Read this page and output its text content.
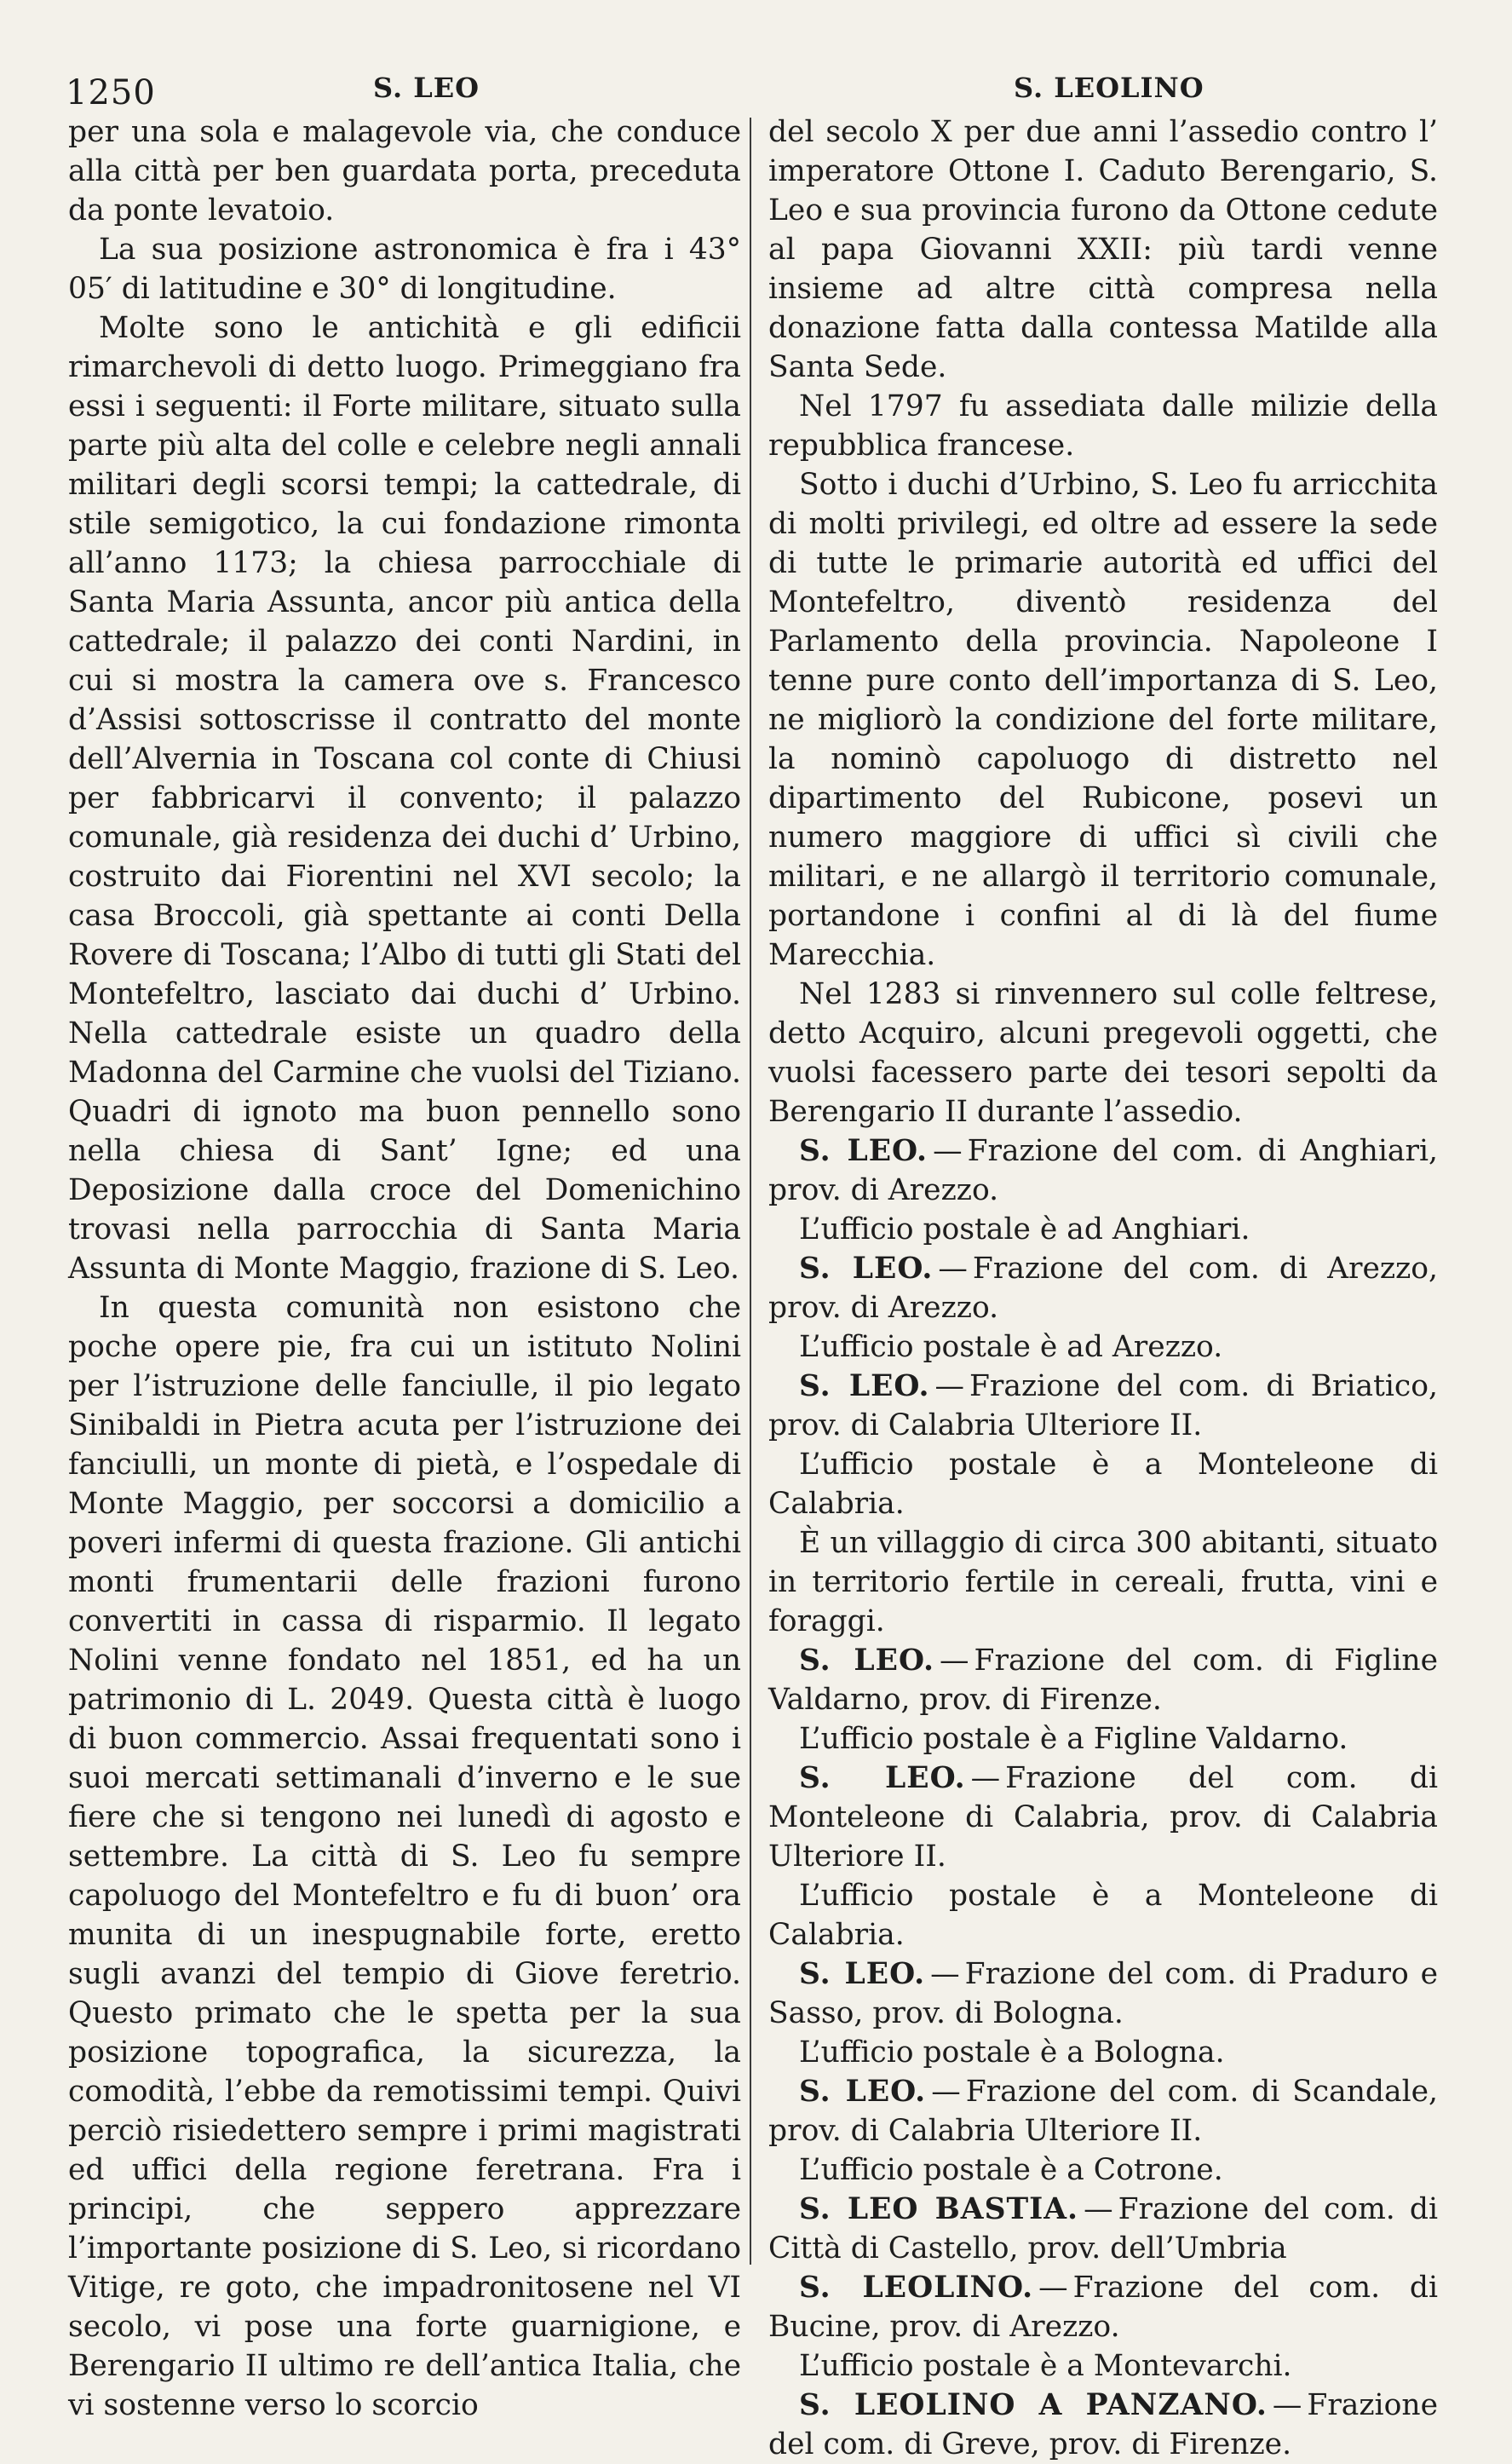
1250	S. LEO	S. LEOLINO

per una sola e malagevole via, che conduce alla città per ben guardata porta, preceduta da ponte levatoio.

La sua posizione astronomica è fra i 43° 05′ di latitudine e 30° di longitudine.

Molte sono le antichità e gli edificii rimarchevoli di detto luogo. Primeggiano fra essi i seguenti: il Forte militare, situato sulla parte più alta del colle e celebre negli annali militari degli scorsi tempi; la cattedrale, di stile semigotico, la cui fondazione rimonta all’anno 1173; la chiesa parrocchiale di Santa Maria Assunta, ancor più antica della cattedrale; il palazzo dei conti Nardini, in cui si mostra la camera ove s. Francesco d’Assisi sottoscrisse il contratto del monte dell’Alvernia in Toscana col conte di Chiusi per fabbricarvi il convento; il palazzo comunale, già residenza dei duchi d’ Urbino, costruito dai Fiorentini nel XVI secolo; la casa Broccoli, già spettante ai conti Della Rovere di Toscana; l’Albo di tutti gli Stati del Montefeltro, lasciato dai duchi d’ Urbino. Nella cattedrale esiste un quadro della Madonna del Carmine che vuolsi del Tiziano. Quadri di ignoto ma buon pennello sono nella chiesa di Sant’ Igne; ed una Deposizione dalla croce del Domenichino trovasi nella parrocchia di Santa Maria Assunta di Monte Maggio, frazione di S. Leo.

In questa comunità non esistono che poche opere pie, fra cui un istituto Nolini per l’istruzione delle fanciulle, il pio legato Sinibaldi in Pietra acuta per l’istruzione dei fanciulli, un monte di pietà, e l’ospedale di Monte Maggio, per soccorsi a domicilio a poveri infermi di questa frazione. Gli antichi monti frumentarii delle frazioni furono convertiti in cassa di risparmio. Il legato Nolini venne fondato nel 1851, ed ha un patrimonio di L. 2049. Questa città è luogo di buon commercio. Assai frequentati sono i suoi mercati settimanali d’inverno e le sue fiere che si tengono nei lunedì di agosto e settembre. La città di S. Leo fu sempre capoluogo del Montefeltro e fu di buon’ ora munita di un inespugnabile forte, eretto sugli avanzi del tempio di Giove feretrio. Questo primato che le spetta per la sua posizione topografica, la sicurezza, la comodità, l’ebbe da remotissimi tempi. Quivi perciò risiedettero sempre i primi magistrati ed uffici della regione feretrana. Fra i principi, che seppero apprezzare l’importante posizione di S. Leo, si ricordano Vitige, re goto, che impadronitosene nel VI secolo, vi pose una forte guarnigione, e Berengario II ultimo re dell’antica Italia, che vi sostenne verso lo scorcio

del secolo X per due anni l’assedio contro l’ imperatore Ottone I. Caduto Berengario, S. Leo e sua provincia furono da Ottone cedute al papa Giovanni XXII: più tardi venne insieme ad altre città compresa nella donazione fatta dalla contessa Matilde alla Santa Sede.

Nel 1797 fu assediata dalle milizie della repubblica francese.

Sotto i duchi d’Urbino, S. Leo fu arricchita di molti privilegi, ed oltre ad essere la sede di tutte le primarie autorità ed uffici del Montefeltro, diventò residenza del Parlamento della provincia. Napoleone I tenne pure conto dell’importanza di S. Leo, ne migliorò la condizione del forte militare, la nominò capoluogo di distretto nel dipartimento del Rubicone, posevi un numero maggiore di uffici sì civili che militari, e ne allargò il territorio comunale, portandone i confini al di là del fiume Marecchia.

Nel 1283 si rinvennero sul colle feltrese, detto Acquiro, alcuni pregevoli oggetti, che vuolsi facessero parte dei tesori sepolti da Berengario II durante l’assedio.

S. LEO. — Frazione del com. di Anghiari, prov. di Arezzo.

L’ufficio postale è ad Anghiari.

S. LEO. — Frazione del com. di Arezzo, prov. di Arezzo.

L’ufficio postale è ad Arezzo.

S. LEO. — Frazione del com. di Briatico, prov. di Calabria Ulteriore II.

L’ufficio postale è a Monteleone di Calabria.

È un villaggio di circa 300 abitanti, situato in territorio fertile in cereali, frutta, vini e foraggi.

S. LEO. — Frazione del com. di Figline Valdarno, prov. di Firenze.

L’ufficio postale è a Figline Valdarno.

S. LEO. — Frazione del com. di Monteleone di Calabria, prov. di Calabria Ulteriore II.

L’ufficio postale è a Monteleone di Calabria.

S. LEO. — Frazione del com. di Praduro e Sasso, prov. di Bologna.

L’ufficio postale è a Bologna.

S. LEO. — Frazione del com. di Scandale, prov. di Calabria Ulteriore II.

L’ufficio postale è a Cotrone.

S. LEO BASTIA. — Frazione del com. di Città di Castello, prov. dell’Umbria

S. LEOLINO. — Frazione del com. di Bucine, prov. di Arezzo.

L’ufficio postale è a Montevarchi.

S. LEOLINO A PANZANO. — Frazione del com. di Greve, prov. di Firenze.
